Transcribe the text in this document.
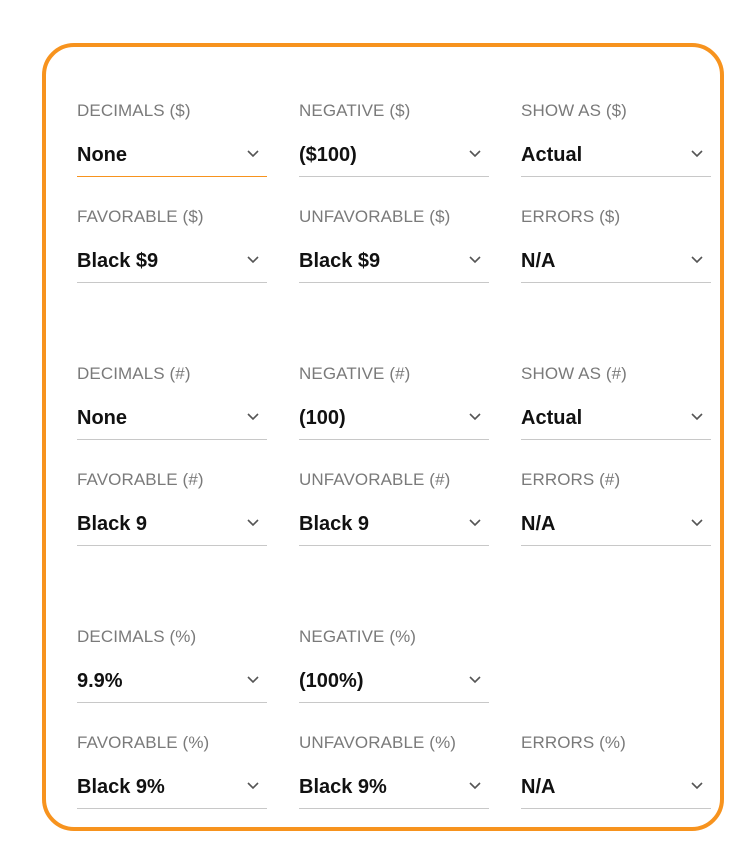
DECIMALS ($)
None
NEGATIVE ($)
($100)
SHOW AS ($)
Actual
FAVORABLE ($)
Black $9
UNFAVORABLE ($)
Black $9
ERRORS ($)
N/A
DECIMALS (#)
None
NEGATIVE (#)
(100)
SHOW AS (#)
Actual
FAVORABLE (#)
Black 9
UNFAVORABLE (#)
Black 9
ERRORS (#)
N/A
DECIMALS (%)
9.9%
NEGATIVE (%)
(100%)
FAVORABLE (%)
Black 9%
UNFAVORABLE (%)
Black 9%
ERRORS (%)
N/A
